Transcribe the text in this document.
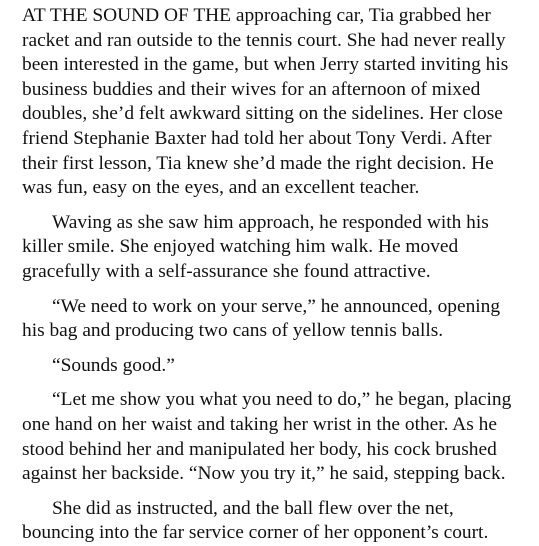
AT THE SOUND OF THE approaching car, Tia grabbed her
racket and ran outside to the tennis court. She had never really
been interested in the game, but when Jerry started inviting his
business buddies and their wives for an afternoon of mixed
doubles, she’d felt awkward sitting on the sidelines. Her close
friend Stephanie Baxter had told her about Tony Verdi. After
their first lesson, Tia knew she’d made the right decision. He
was fun, easy on the eyes, and an excellent teacher.

Waving as she saw him approach, he responded with his
killer smile. She enjoyed watching him walk. He moved
gracefully with a self-assurance she found attractive.

“We need to work on your serve,” he announced, opening
his bag and producing two cans of yellow tennis balls.

“Sounds good.”

“Let me show you what you need to do,” he began, placing
one hand on her waist and taking her wrist in the other. As he
stood behind her and manipulated her body, his cock brushed
against her backside. “Now you try it,” he said, stepping back.

She did as instructed, and the ball flew over the net,
bouncing into the far service corner of her opponent’s court.
